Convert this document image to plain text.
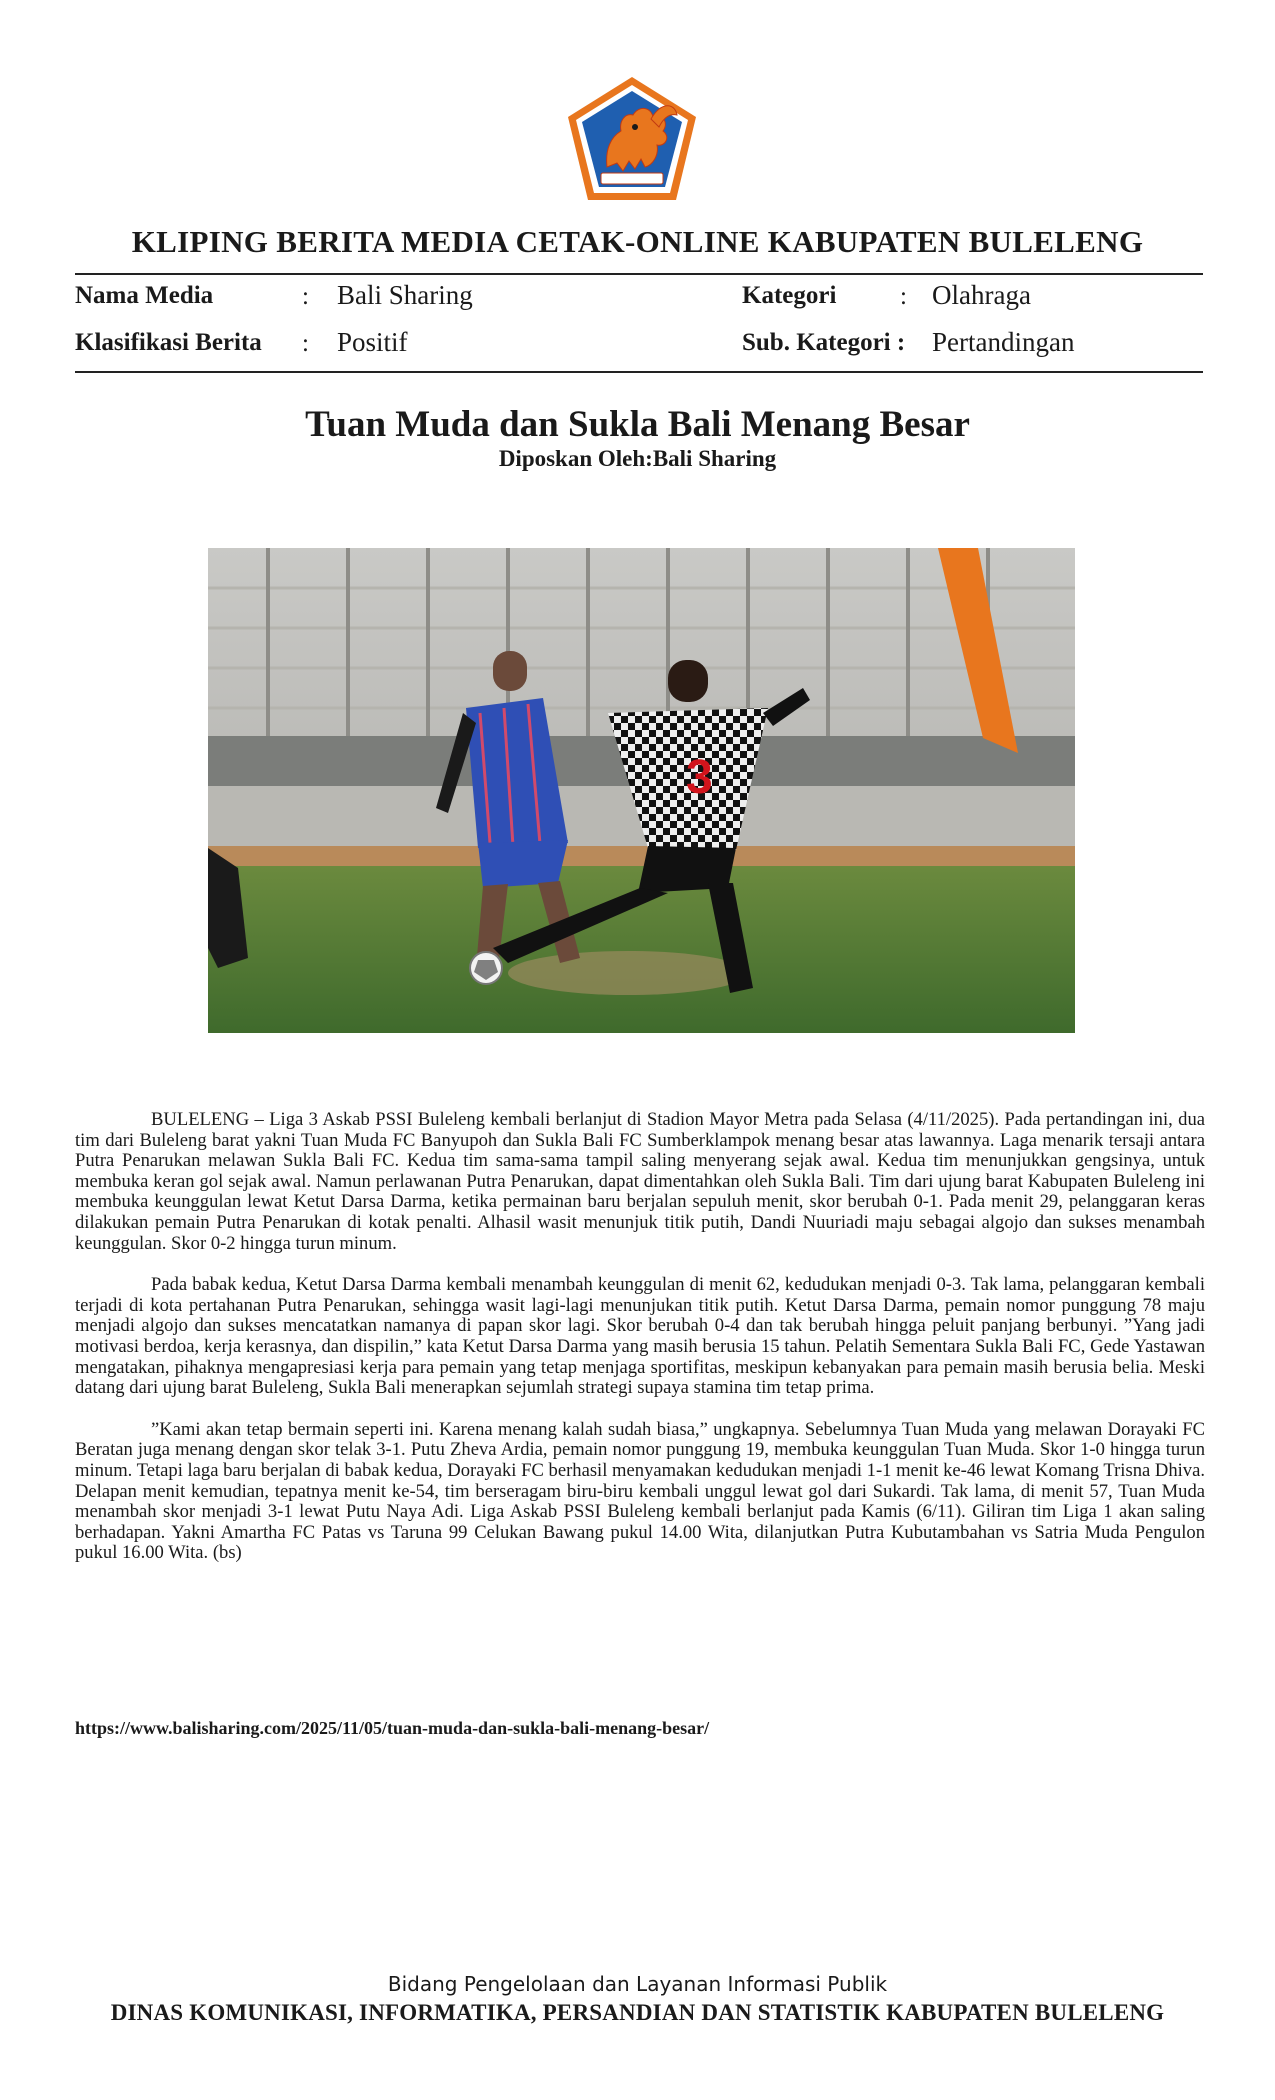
KLIPING BERITA MEDIA CETAK-ONLINE KABUPATEN BULELENG
Nama Media	: Bali Sharing	Kategori	: Olahraga
Klasifikasi Berita : Positif	Sub. Kategori : Pertandingan
Tuan Muda dan Sukla Bali Menang Besar
Diposkan Oleh:Bali Sharing
3

BULELENG – Liga 3 Askab PSSI Buleleng kembali berlanjut di Stadion Mayor Metra pada Selasa (4/11/2025). Pada pertandingan ini, dua tim dari Buleleng barat yakni Tuan Muda FC Banyupoh dan Sukla Bali FC Sumberklampok menang besar atas lawannya. Laga menarik tersaji antara Putra Penarukan melawan Sukla Bali FC. Kedua tim sama-sama tampil saling menyerang sejak awal. Kedua tim menunjukkan gengsinya, untuk membuka keran gol sejak awal. Namun perlawanan Putra Penarukan, dapat dimentahkan oleh Sukla Bali. Tim dari ujung barat Kabupaten Buleleng ini membuka keunggulan lewat Ketut Darsa Darma, ketika permainan baru berjalan sepuluh menit, skor berubah 0-1. Pada menit 29, pelanggaran keras dilakukan pemain Putra Penarukan di kotak penalti. Alhasil wasit menunjuk titik putih, Dandi Nuuriadi maju sebagai algojo dan sukses menambah keunggulan. Skor 0-2 hingga turun minum.

Pada babak kedua, Ketut Darsa Darma kembali menambah keunggulan di menit 62, kedudukan menjadi 0-3. Tak lama, pelanggaran kembali terjadi di kota pertahanan Putra Penarukan, sehingga wasit lagi-lagi menunjukan titik putih. Ketut Darsa Darma, pemain nomor punggung 78 maju menjadi algojo dan sukses mencatatkan namanya di papan skor lagi. Skor berubah 0-4 dan tak berubah hingga peluit panjang berbunyi. ”Yang jadi motivasi berdoa, kerja kerasnya, dan dispilin,” kata Ketut Darsa Darma yang masih berusia 15 tahun. Pelatih Sementara Sukla Bali FC, Gede Yastawan mengatakan, pihaknya mengapresiasi kerja para pemain yang tetap menjaga sportifitas, meskipun kebanyakan para pemain masih berusia belia. Meski datang dari ujung barat Buleleng, Sukla Bali menerapkan sejumlah strategi supaya stamina tim tetap prima.

”Kami akan tetap bermain seperti ini. Karena menang kalah sudah biasa,” ungkapnya. Sebelumnya Tuan Muda yang melawan Dorayaki FC Beratan juga menang dengan skor telak 3-1. Putu Zheva Ardia, pemain nomor punggung 19, membuka keunggulan Tuan Muda. Skor 1-0 hingga turun minum. Tetapi laga baru berjalan di babak kedua, Dorayaki FC berhasil menyamakan kedudukan menjadi 1-1 menit ke-46 lewat Komang Trisna Dhiva. Delapan menit kemudian, tepatnya menit ke-54, tim berseragam biru-biru kembali unggul lewat gol dari Sukardi. Tak lama, di menit 57, Tuan Muda menambah skor menjadi 3-1 lewat Putu Naya Adi. Liga Askab PSSI Buleleng kembali berlanjut pada Kamis (6/11). Giliran tim Liga 1 akan saling berhadapan. Yakni Amartha FC Patas vs Taruna 99 Celukan Bawang pukul 14.00 Wita, dilanjutkan Putra Kubutambahan vs Satria Muda Pengulon pukul 16.00 Wita. (bs)

https://www.balisharing.com/2025/11/05/tuan-muda-dan-sukla-bali-menang-besar/
Bidang Pengelolaan dan Layanan Informasi Publik
DINAS KOMUNIKASI, INFORMATIKA, PERSANDIAN DAN STATISTIK KABUPATEN BULELENG
